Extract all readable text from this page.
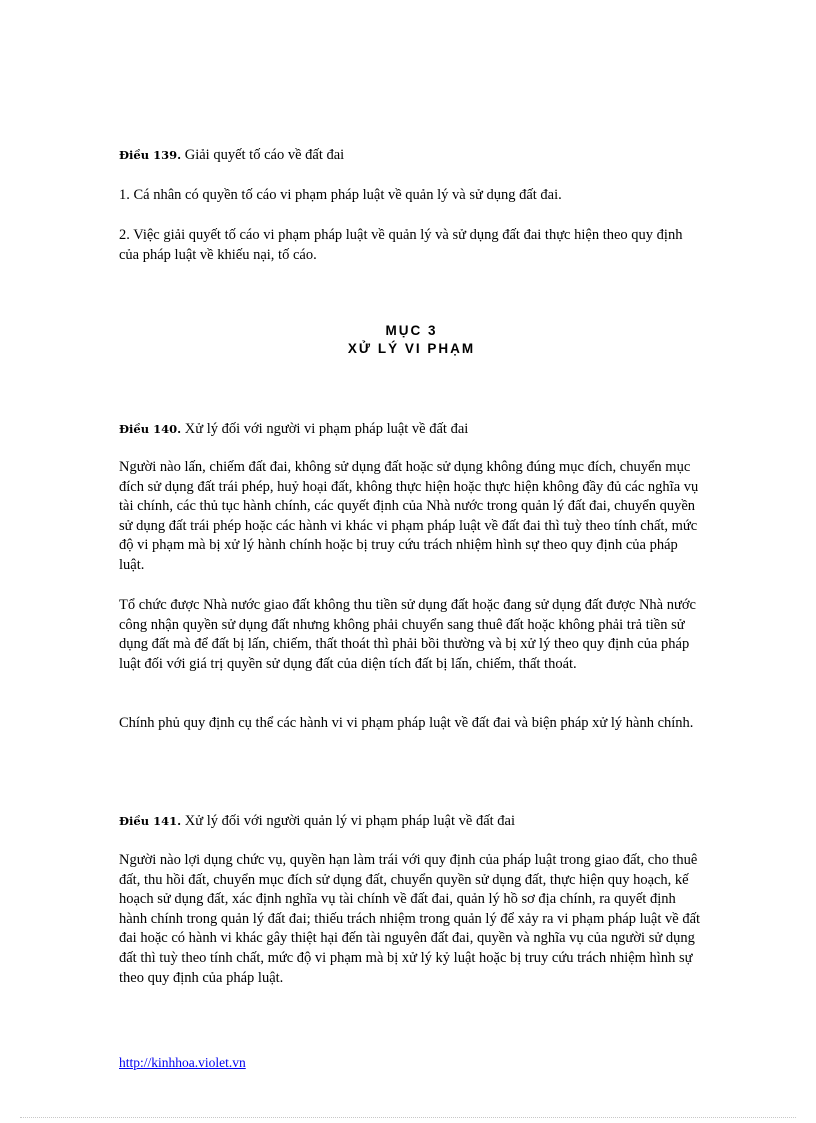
Điều 139. Giải quyết tố cáo về đất đai

1. Cá nhân có quyền tố cáo vi phạm pháp luật về quản lý và sử dụng đất đai.

2. Việc giải quyết tố cáo vi phạm pháp luật về quản lý và sử dụng đất đai thực hiện theo quy định của pháp luật về khiếu nại, tố cáo.

MỤC 3
XỬ LÝ VI PHẠM

Điều 140. Xử lý đối với người vi phạm pháp luật về đất đai

Người nào lấn, chiếm đất đai, không sử dụng đất hoặc sử dụng không đúng mục đích, chuyển mục đích sử dụng đất trái phép, huỷ hoại đất, không thực hiện hoặc thực hiện không đầy đủ các nghĩa vụ tài chính, các thủ tục hành chính, các quyết định của Nhà nước trong quản lý đất đai, chuyển quyền sử dụng đất trái phép hoặc các hành vi khác vi phạm pháp luật về đất đai thì tuỳ theo tính chất, mức độ vi phạm mà bị xử lý hành chính hoặc bị truy cứu trách nhiệm hình sự theo quy định của pháp luật.

Tổ chức được Nhà nước giao đất không thu tiền sử dụng đất hoặc đang sử dụng đất được Nhà nước công nhận quyền sử dụng đất nhưng không phải chuyển sang thuê đất hoặc không phải trả tiền sử dụng đất mà để đất bị lấn, chiếm, thất thoát thì phải bồi thường và bị xử lý theo quy định của pháp luật đối với giá trị quyền sử dụng đất của diện tích đất bị lấn, chiếm, thất thoát.

Chính phủ quy định cụ thể các hành vi vi phạm pháp luật về đất đai và biện pháp xử lý hành chính.

Điều 141. Xử lý đối với người quản lý vi phạm pháp luật về đất đai

Người nào lợi dụng chức vụ, quyền hạn làm trái với quy định của pháp luật trong giao đất, cho thuê đất, thu hồi đất, chuyển mục đích sử dụng đất, chuyển quyền sử dụng đất, thực hiện quy hoạch, kế hoạch sử dụng đất, xác định nghĩa vụ tài chính về đất đai, quản lý hồ sơ địa chính, ra quyết định hành chính trong quản lý đất đai; thiếu trách nhiệm trong quản lý để xảy ra vi phạm pháp luật về đất đai hoặc có hành vi khác gây thiệt hại đến tài nguyên đất đai, quyền và nghĩa vụ của người sử dụng đất thì tuỳ theo tính chất, mức độ vi phạm mà bị xử lý kỷ luật hoặc bị truy cứu trách nhiệm hình sự theo quy định của pháp luật.

http://kinhhoa.violet.vn
